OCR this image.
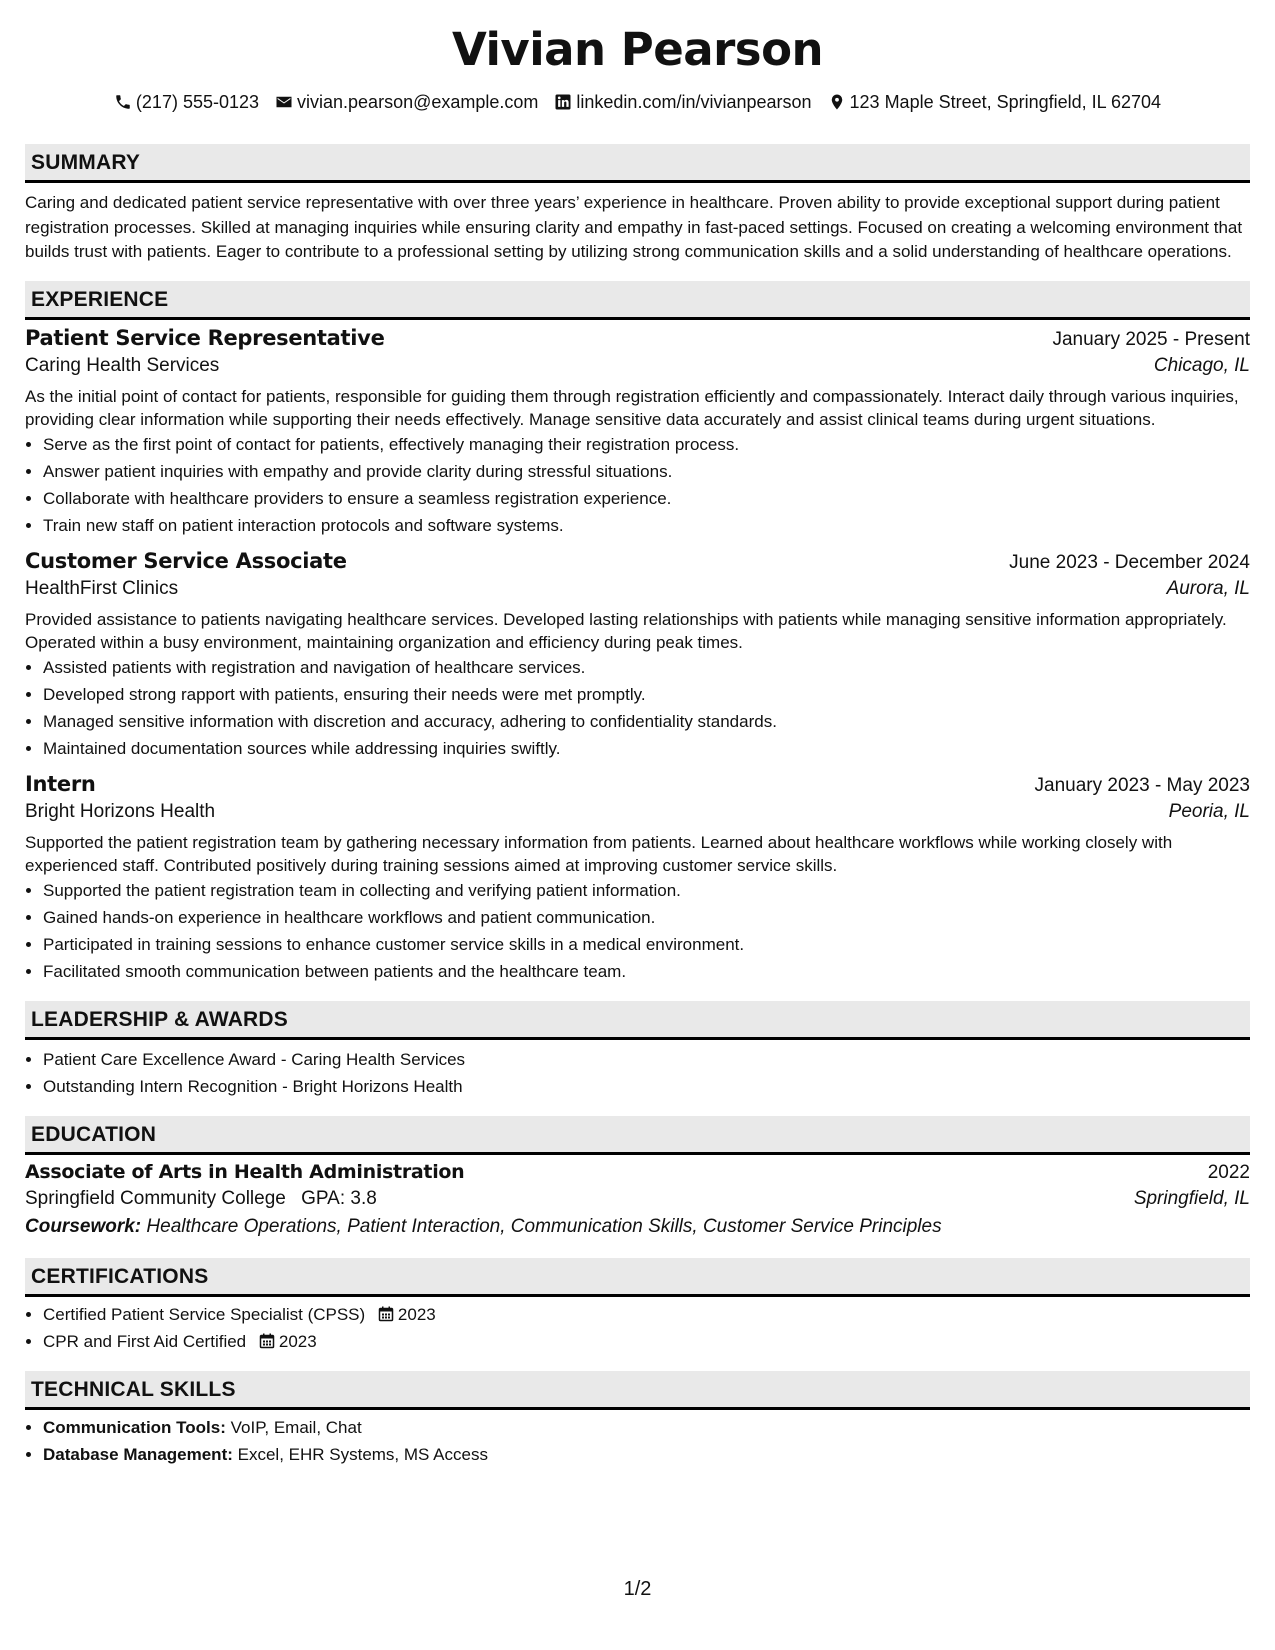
Vivian Pearson
(217) 555-0123 vivian.pearson@example.com linkedin.com/in/vivianpearson 123 Maple Street, Springfield, IL 62704
SUMMARY

Caring and dedicated patient service representative with over three years’ experience in healthcare. Proven ability to provide exceptional support during patient registration processes. Skilled at managing inquiries while ensuring clarity and empathy in fast-paced settings. Focused on creating a welcoming environment that builds trust with patients. Eager to contribute to a professional setting by utilizing strong communication skills and a solid understanding of healthcare operations.

EXPERIENCE
Patient Service Representative	January 2025 - Present
Caring Health Services	Chicago, IL

As the initial point of contact for patients, responsible for guiding them through registration efficiently and compassionately. Interact daily through various inquiries, providing clear information while supporting their needs effectively. Manage sensitive data accurately and assist clinical teams during urgent situations.

• Serve as the first point of contact for patients, effectively managing their registration process.
• Answer patient inquiries with empathy and provide clarity during stressful situations.
• Collaborate with healthcare providers to ensure a seamless registration experience.
• Train new staff on patient interaction protocols and software systems.
Customer Service Associate	June 2023 - December 2024
HealthFirst Clinics	Aurora, IL

Provided assistance to patients navigating healthcare services. Developed lasting relationships with patients while managing sensitive information appropriately. Operated within a busy environment, maintaining organization and efficiency during peak times.

• Assisted patients with registration and navigation of healthcare services.
• Developed strong rapport with patients, ensuring their needs were met promptly.
• Managed sensitive information with discretion and accuracy, adhering to confidentiality standards.
• Maintained documentation sources while addressing inquiries swiftly.
Intern	January 2023 - May 2023
Bright Horizons Health	Peoria, IL

Supported the patient registration team by gathering necessary information from patients. Learned about healthcare workflows while working closely with experienced staff. Contributed positively during training sessions aimed at improving customer service skills.

• Supported the patient registration team in collecting and verifying patient information.
• Gained hands-on experience in healthcare workflows and patient communication.
• Participated in training sessions to enhance customer service skills in a medical environment.
• Facilitated smooth communication between patients and the healthcare team.
LEADERSHIP & AWARDS
• Patient Care Excellence Award - Caring Health Services
• Outstanding Intern Recognition - Bright Horizons Health
EDUCATION
Associate of Arts in Health Administration	2022
Springfield Community College GPA: 3.8	Springfield, IL
Coursework: Healthcare Operations, Patient Interaction, Communication Skills, Customer Service Principles
CERTIFICATIONS
• Certified Patient Service Specialist (CPSS) 2023
• CPR and First Aid Certified 2023
TECHNICAL SKILLS
• Communication Tools: VoIP, Email, Chat
• Database Management: Excel, EHR Systems, MS Access
1/2
